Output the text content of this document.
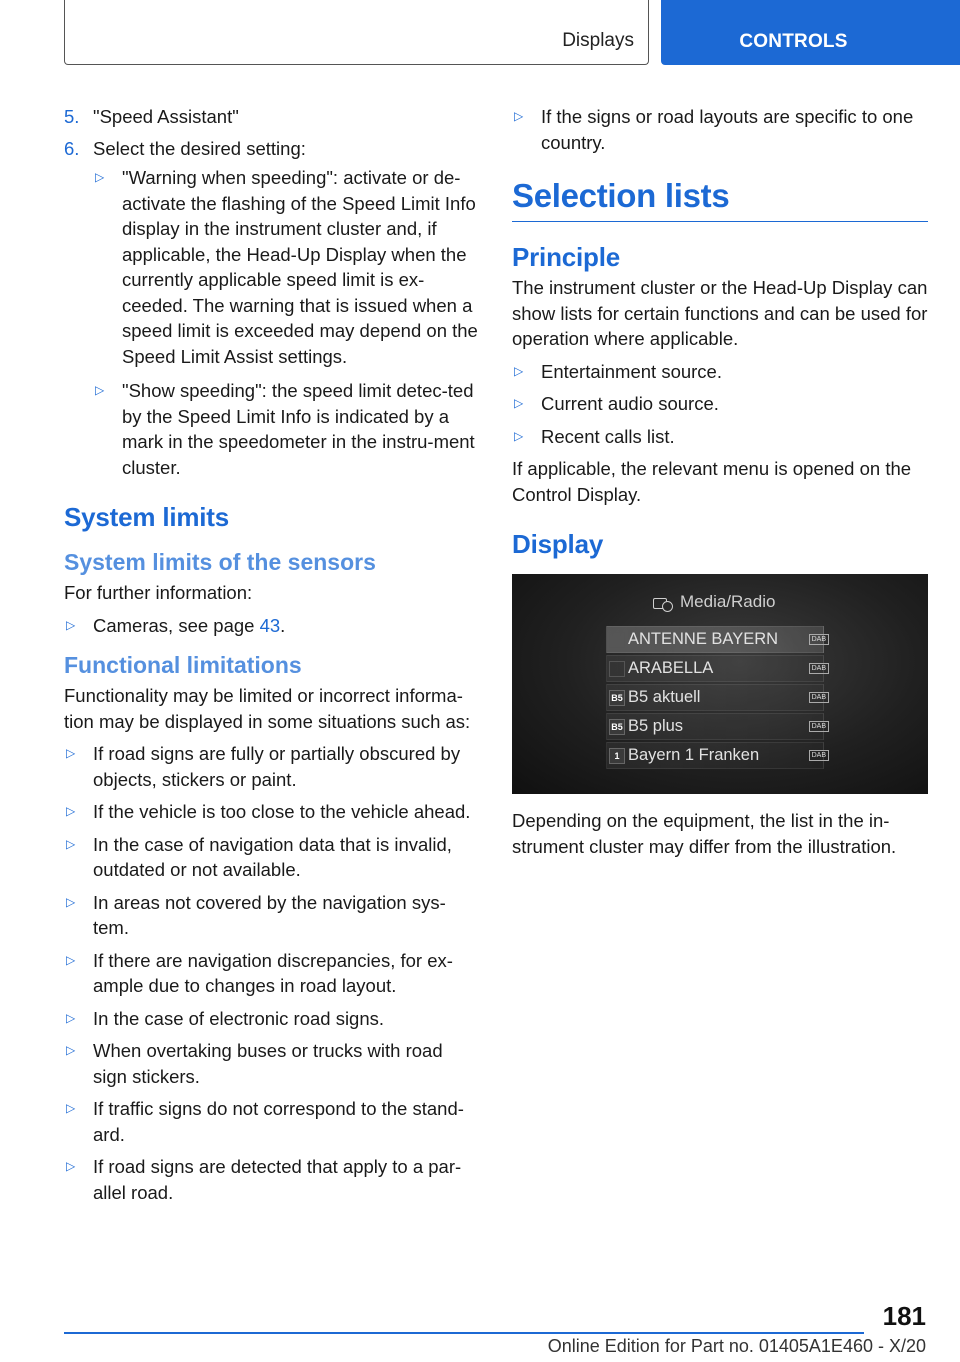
Displays	CONTROLS
5. "Speed Assistant"
6. Select the desired setting:
▷ "Warning when speeding": activate or de-activate the flashing of the Speed Limit Info display in the instrument cluster and, if applicable, the Head-Up Display when the currently applicable speed limit is ex-ceeded. The warning that is issued when a speed limit is exceeded may depend on the Speed Limit Assist settings.
▷ "Show speeding": the speed limit detec-ted by the Speed Limit Info is indicated by a mark in the speedometer in the instru-ment cluster.
System limits
System limits of the sensors

For further information:

▷ Cameras, see page 43.
Functional limitations

Functionality may be limited or incorrect informa-tion may be displayed in some situations such as:

▷ If road signs are fully or partially obscured by objects, stickers or paint.
▷ If the vehicle is too close to the vehicle ahead.
▷ In the case of navigation data that is invalid, outdated or not available.
▷ In areas not covered by the navigation sys-tem.
▷ If there are navigation discrepancies, for ex-ample due to changes in road layout.
▷ In the case of electronic road signs.
▷ When overtaking buses or trucks with road sign stickers.
▷ If traffic signs do not correspond to the stand-ard.
▷ If road signs are detected that apply to a par-allel road.
▷ If the signs or road layouts are specific to one country.
Selection lists
Principle

The instrument cluster or the Head-Up Display can show lists for certain functions and can be used for operation where applicable.

▷ Entertainment source.
▷ Current audio source.
▷ Recent calls list.

If applicable, the relevant menu is opened on the Control Display.

Display
Media/Radio
ANTENNE BAYERN	DAB
ARABELLA	DAB
B5 B5 aktuell	DAB
B5 B5 plus	DAB
1 Bayern 1 Franken	DAB

Depending on the equipment, the list in the in-strument cluster may differ from the illustration.

181
Online Edition for Part no. 01405A1E460 - X/20
